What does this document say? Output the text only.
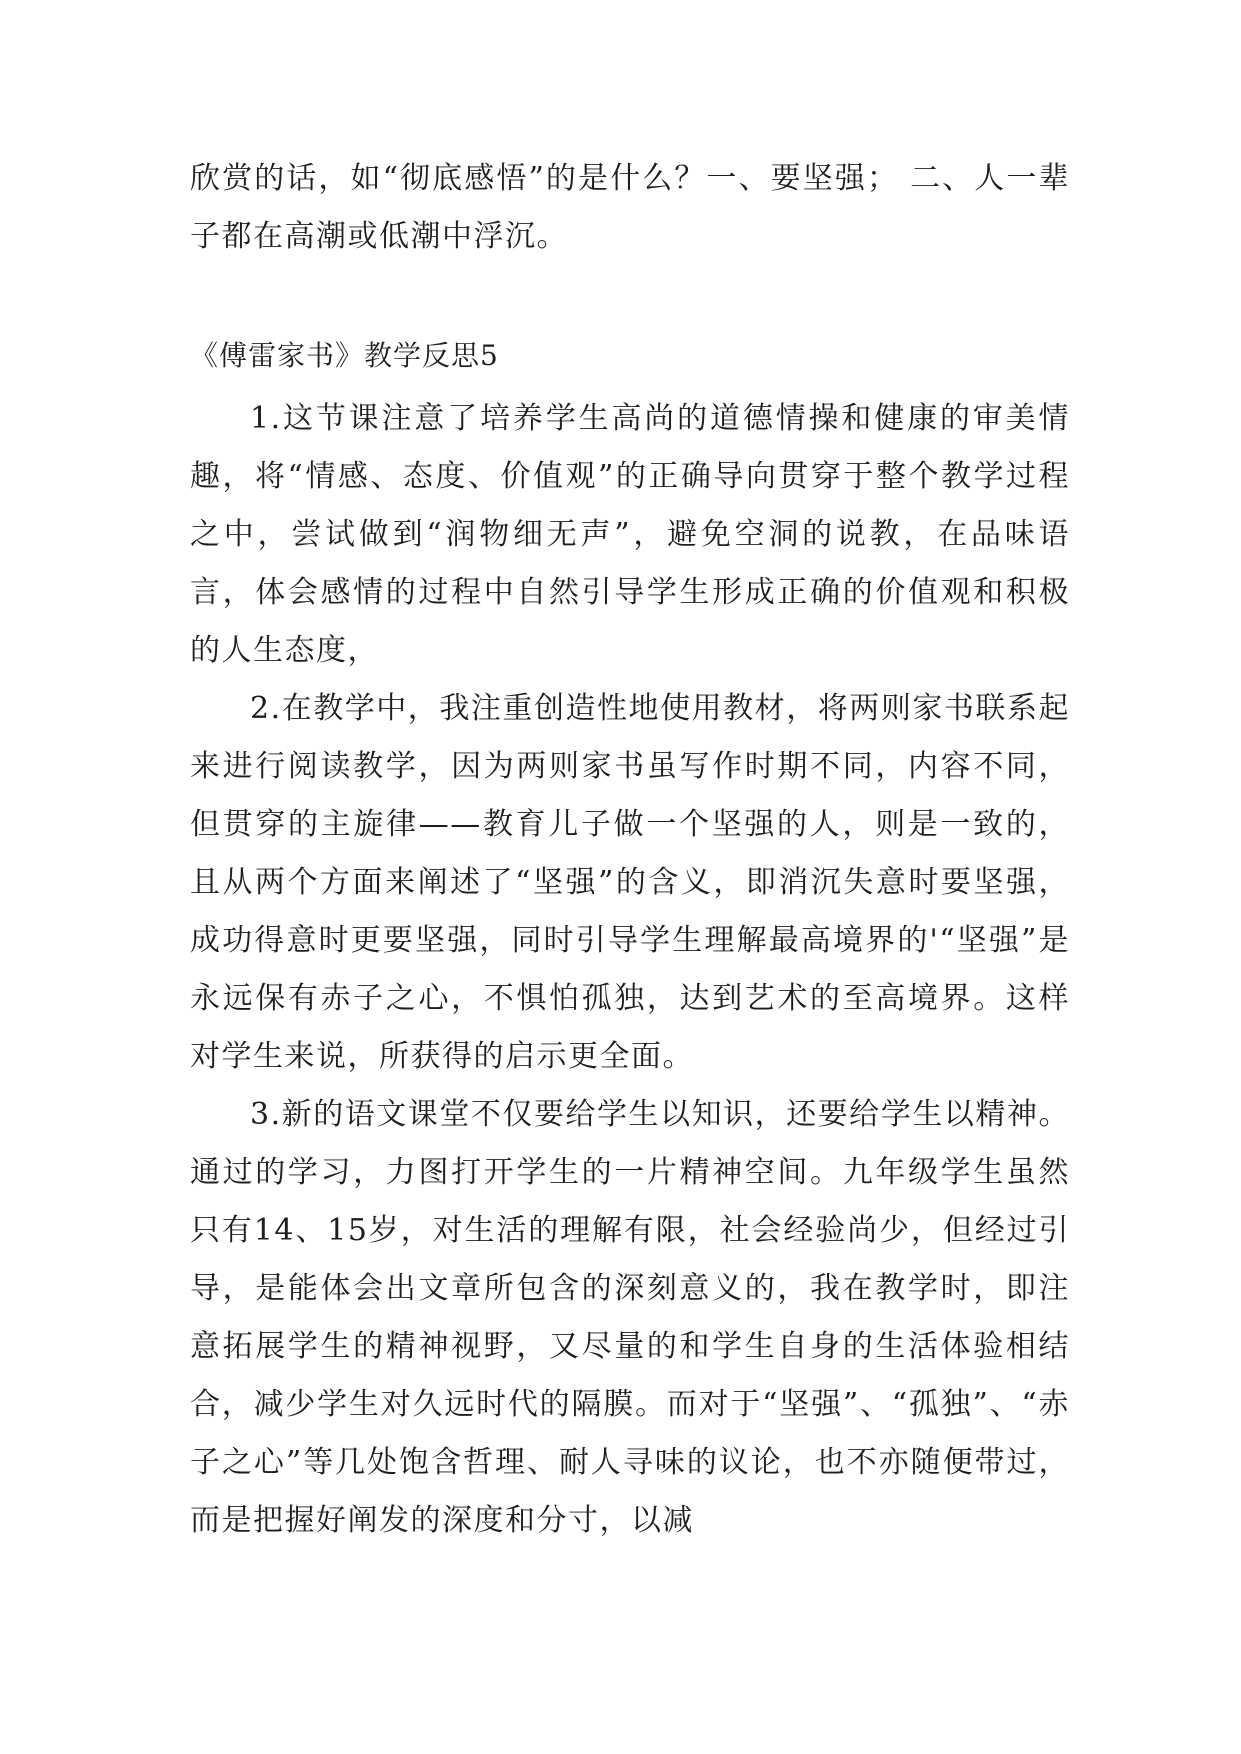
欣赏的话，如“彻底感悟”的是什么？一、要坚强； 二、人一辈子都在高潮或低潮中浮沉。
《傅雷家书》教学反思5

1.这节课注意了培养学生高尚的道德情操和健康的审美情趣，将“情感、态度、价值观”的正确导向贯穿于整个教学过程之中，尝试做到“润物细无声”，避免空洞的说教，在品味语言，体会感情的过程中自然引导学生形成正确的价值观和积极的人生态度，

2.在教学中，我注重创造性地使用教材，将两则家书联系起来进行阅读教学，因为两则家书虽写作时期不同，内容不同，但贯穿的主旋律——教育儿子做一个坚强的人，则是一致的，且从两个方面来阐述了“坚强”的含义，即消沉失意时要坚强，成功得意时更要坚强，同时引导学生理解最高境界的'“坚强”是永远保有赤子之心，不惧怕孤独，达到艺术的至高境界。这样对学生来说，所获得的启示更全面。

3.新的语文课堂不仅要给学生以知识，还要给学生以精神。通过的学习，力图打开学生的一片精神空间。九年级学生虽然只有14、15岁，对生活的理解有限，社会经验尚少，但经过引导，是能体会出文章所包含的深刻意义的，我在教学时，即注意拓展学生的精神视野，又尽量的和学生自身的生活体验相结合，减少学生对久远时代的隔膜。而对于“坚强”、“孤独”、“赤子之心”等几处饱含哲理、耐人寻味的议论，也不亦随便带过，而是把握好阐发的深度和分寸，以减
